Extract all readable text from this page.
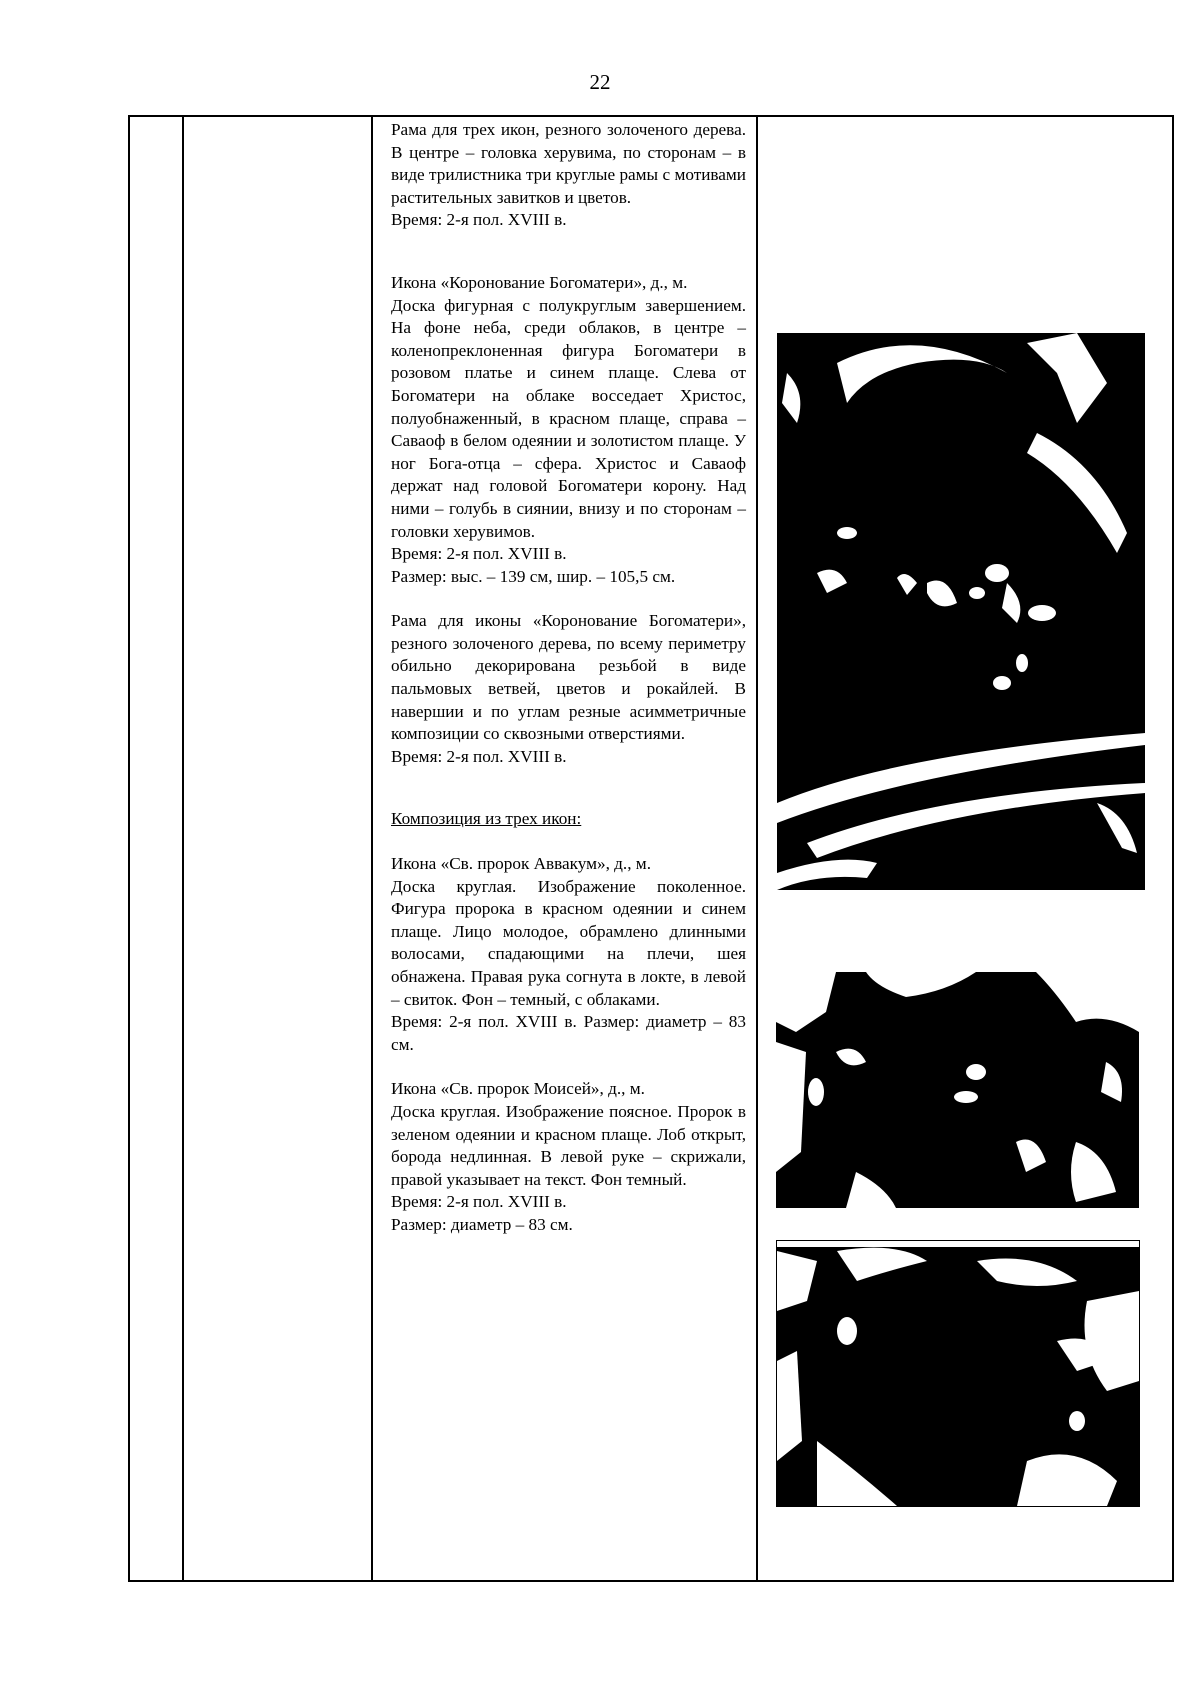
22

Рама для трех икон, резного золоченого дерева. В центре – головка херувима, по сторонам – в виде трилистника три круглые рамы с мотивами растительных завитков и цветов.

Время: 2-я пол. XVIII в.

Икона «Коронование Богоматери», д., м.

Доска фигурная с полукруглым завершением. На фоне неба, среди облаков, в центре – коленопреклоненная фигура Богоматери в розовом платье и синем плаще. Слева от Богоматери на облаке восседает Христос, полуобнаженный, в красном плаще, справа – Саваоф в белом одеянии и золотистом плаще. У ног Бога-отца – сфера. Христос и Саваоф держат над головой Богоматери корону. Над ними – голубь в сиянии, внизу и по сторонам – головки херувимов.

Время: 2-я пол. XVIII в.

Размер: выс. – 139 см, шир. – 105,5 см.

Рама для иконы «Коронование Богоматери», резного золоченого дерева, по всему периметру обильно декорирована резьбой в виде пальмовых ветвей, цветов и рокайлей. В навершии и по углам резные асимметричные композиции со сквозными отверстиями.

Время: 2-я пол. XVIII в.

Композиция из трех икон:

Икона «Св. пророк Аввакум», д., м.

Доска круглая. Изображение поколенное. Фигура пророка в красном одеянии и синем плаще. Лицо молодое, обрамлено длинными волосами, спадающими на плечи, шея обнажена. Правая рука согнута в локте, в левой – свиток. Фон – темный, с облаками.

Время: 2-я пол. XVIII в. Размер: диаметр – 83 см.

Икона «Св. пророк Моисей», д., м.

Доска круглая. Изображение поясное. Пророк в зеленом одеянии и красном плаще. Лоб открыт, борода недлинная. В левой руке – скрижали, правой указывает на текст. Фон темный.

Время: 2-я пол. XVIII в.

Размер: диаметр – 83 см.
